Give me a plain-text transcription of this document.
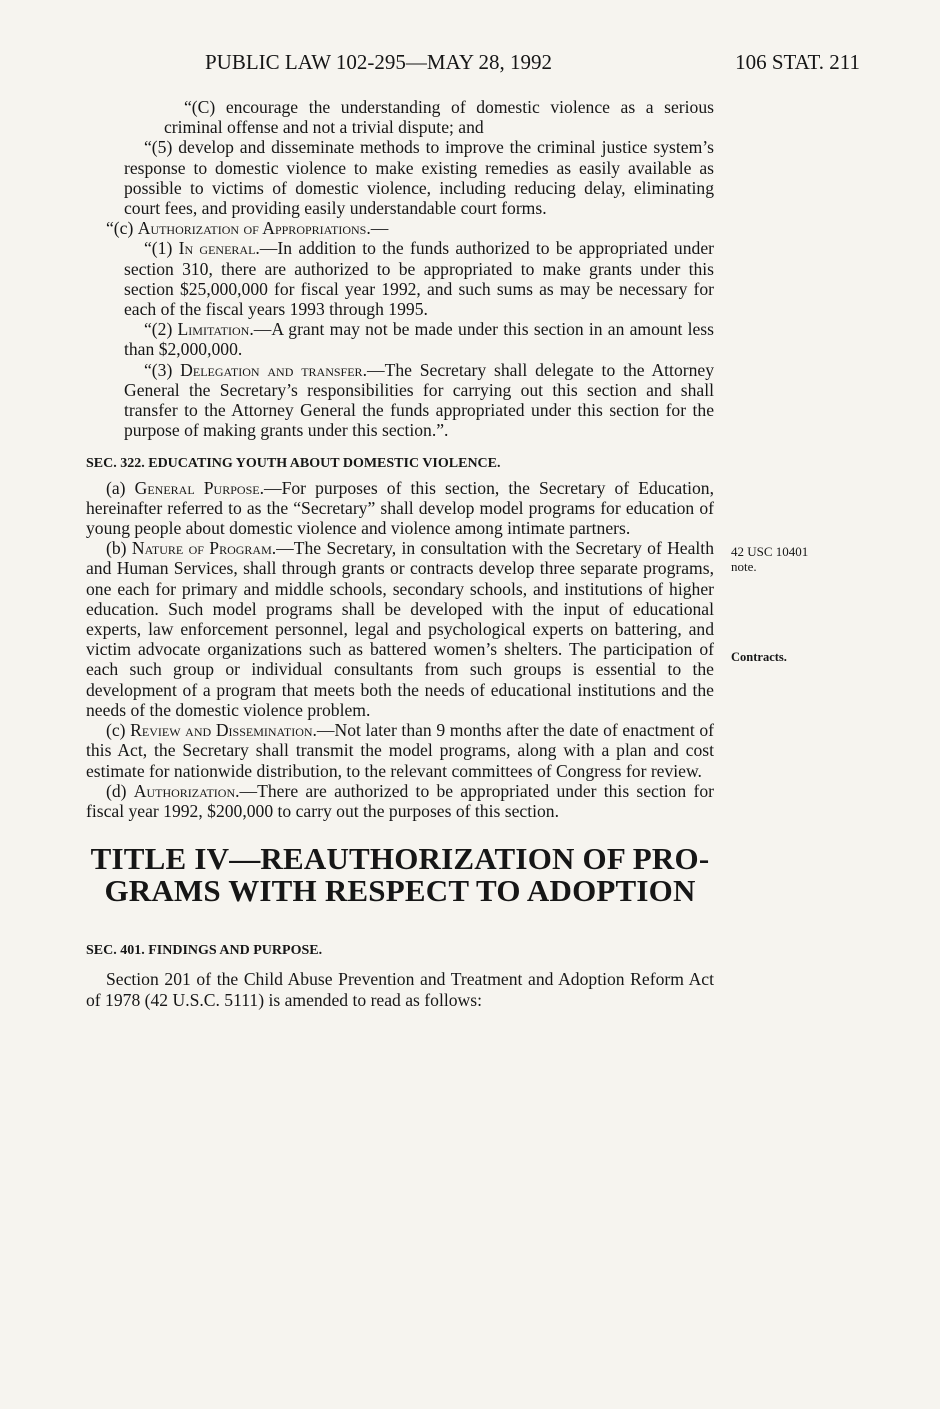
PUBLIC LAW 102-295—MAY 28, 1992	106 STAT. 211

“(C) encourage the understanding of domestic violence as a serious criminal offense and not a trivial dispute; and

“(5) develop and disseminate methods to improve the criminal justice system’s response to domestic violence to make existing remedies as easily available as possible to victims of domestic violence, including reducing delay, eliminating court fees, and providing easily understandable court forms.

“(c) Authorization of Appropriations.—

“(1) In general.—In addition to the funds authorized to be appropriated under section 310, there are authorized to be appropriated to make grants under this section $25,000,000 for fiscal year 1992, and such sums as may be necessary for each of the fiscal years 1993 through 1995.

“(2) Limitation.—A grant may not be made under this section in an amount less than $2,000,000.

“(3) Delegation and transfer.—The Secretary shall delegate to the Attorney General the Secretary’s responsibilities for carrying out this section and shall transfer to the Attorney General the funds appropriated under this section for the purpose of making grants under this section.”.

SEC. 322. EDUCATING YOUTH ABOUT DOMESTIC VIOLENCE.

(a) General Purpose.—For purposes of this section, the Secretary of Education, hereinafter referred to as the “Secretary” shall develop model programs for education of young people about domestic violence and violence among intimate partners.

(b) Nature of Program.—The Secretary, in consultation with the Secretary of Health and Human Services, shall through grants or contracts develop three separate programs, one each for primary and middle schools, secondary schools, and institutions of higher education. Such model programs shall be developed with the input of educational experts, law enforcement personnel, legal and psychological experts on battering, and victim advocate organizations such as battered women’s shelters. The participation of each such group or individual consultants from such groups is essential to the development of a program that meets both the needs of educational institutions and the needs of the domestic violence problem.

(c) Review and Dissemination.—Not later than 9 months after the date of enactment of this Act, the Secretary shall transmit the model programs, along with a plan and cost estimate for nationwide distribution, to the relevant committees of Congress for review.

(d) Authorization.—There are authorized to be appropriated under this section for fiscal year 1992, $200,000 to carry out the purposes of this section.

TITLE IV—REAUTHORIZATION OF PRO-
GRAMS WITH RESPECT TO ADOPTION

SEC. 401. FINDINGS AND PURPOSE.

Section 201 of the Child Abuse Prevention and Treatment and Adoption Reform Act of 1978 (42 U.S.C. 5111) is amended to read as follows:

42 USC 10401
note.
Contracts.
